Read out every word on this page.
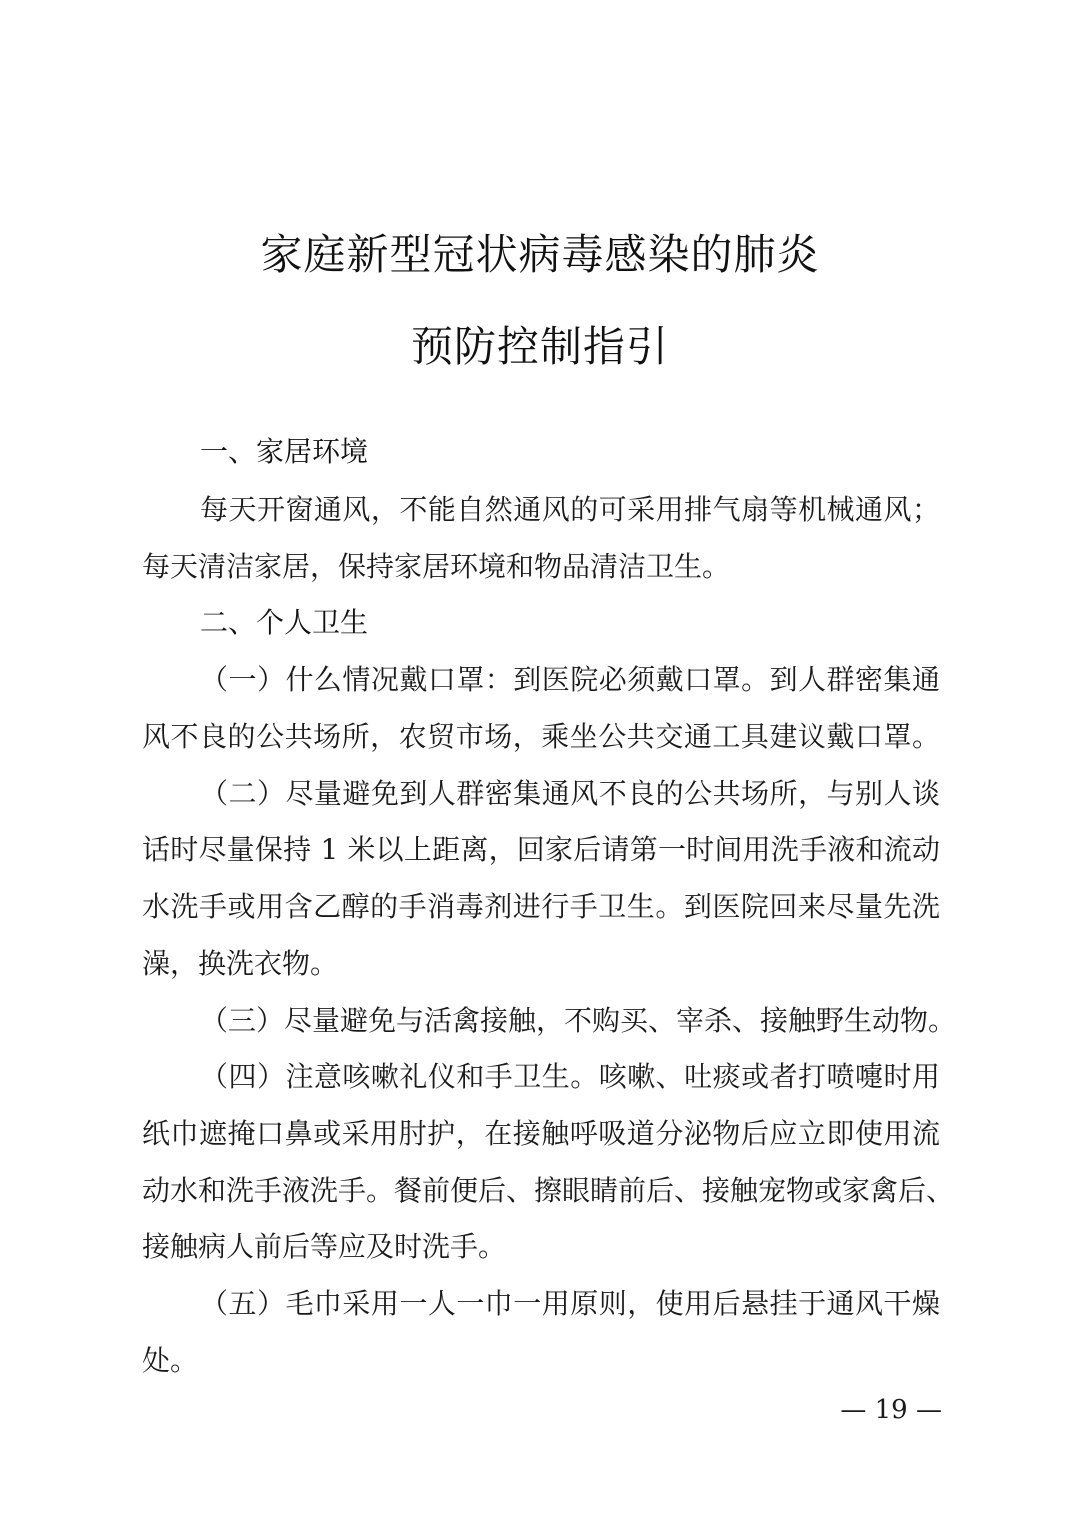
家庭新型冠状病毒感染的肺炎
预防控制指引
一、家居环境
每天开窗通风，不能自然通风的可采用排气扇等机械通风；
每天清洁家居，保持家居环境和物品清洁卫生。
二、个人卫生
（一）什么情况戴口罩：到医院必须戴口罩。到人群密集通
风不良的公共场所，农贸市场，乘坐公共交通工具建议戴口罩。
（二）尽量避免到人群密集通风不良的公共场所，与别人谈
话时尽量保持 1 米以上距离，回家后请第一时间用洗手液和流动
水洗手或用含乙醇的手消毒剂进行手卫生。到医院回来尽量先洗
澡，换洗衣物。
（三）尽量避免与活禽接触，不购买、宰杀、接触野生动物。
（四）注意咳嗽礼仪和手卫生。咳嗽、吐痰或者打喷嚏时用
纸巾遮掩口鼻或采用肘护，在接触呼吸道分泌物后应立即使用流
动水和洗手液洗手。餐前便后、擦眼睛前后、接触宠物或家禽后、
接触病人前后等应及时洗手。
（五）毛巾采用一人一巾一用原则，使用后悬挂于通风干燥
处。
— 19 —
